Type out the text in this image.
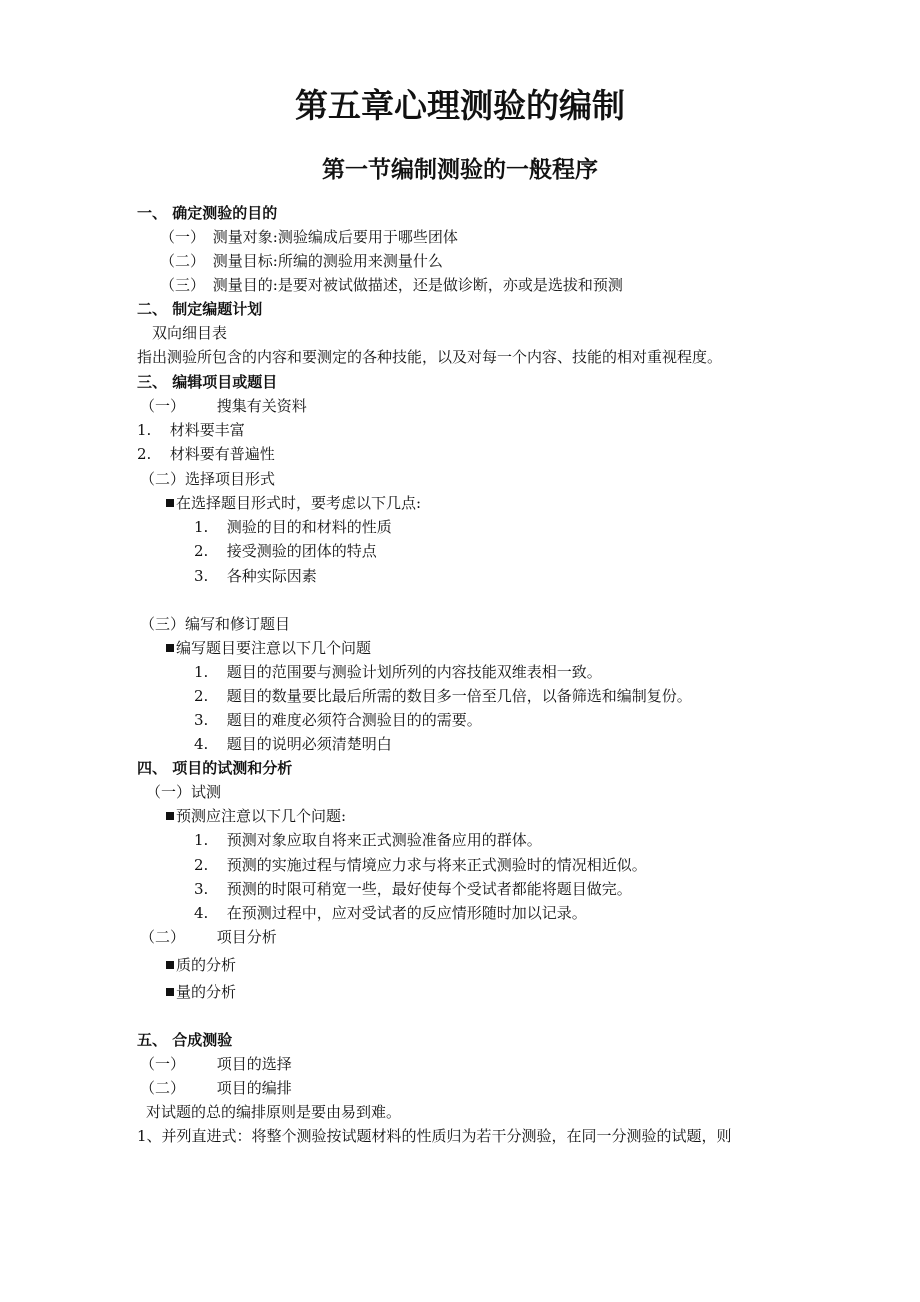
第五章心理测验的编制
第一节编制测验的一般程序
一、 确定测验的目的
（一） 测量对象:测验编成后要用于哪些团体
（二） 测量目标:所编的测验用来测量什么
（三） 测量目的:是要对被试做描述，还是做诊断，亦或是选拔和预测
二、 制定编题计划
双向细目表
指出测验所包含的内容和要测定的各种技能，以及对每一个内容、技能的相对重视程度。
三、 编辑项目或题目
（一） 搜集有关资料
1. 材料要丰富
2. 材料要有普遍性
（二）选择项目形式
在选择题目形式时，要考虑以下几点:
1. 测验的目的和材料的性质
2. 接受测验的团体的特点
3. 各种实际因素
（三）编写和修订题目
编写题目要注意以下几个问题
1. 题目的范围要与测验计划所列的内容技能双维表相一致。
2. 题目的数量要比最后所需的数目多一倍至几倍，以备筛选和编制复份。
3. 题目的难度必须符合测验目的的需要。
4. 题目的说明必须清楚明白
四、 项目的试测和分析
（一）试测
预测应注意以下几个问题:
1. 预测对象应取自将来正式测验准备应用的群体。
2. 预测的实施过程与情境应力求与将来正式测验时的情况相近似。
3. 预测的时限可稍宽一些，最好使每个受试者都能将题目做完。
4. 在预测过程中，应对受试者的反应情形随时加以记录。
（二） 项目分析
质的分析
量的分析
五、 合成测验
（一） 项目的选择
（二） 项目的编排
对试题的总的编排原则是要由易到难。
1、并列直进式：将整个测验按试题材料的性质归为若干分测验，在同一分测验的试题，则
